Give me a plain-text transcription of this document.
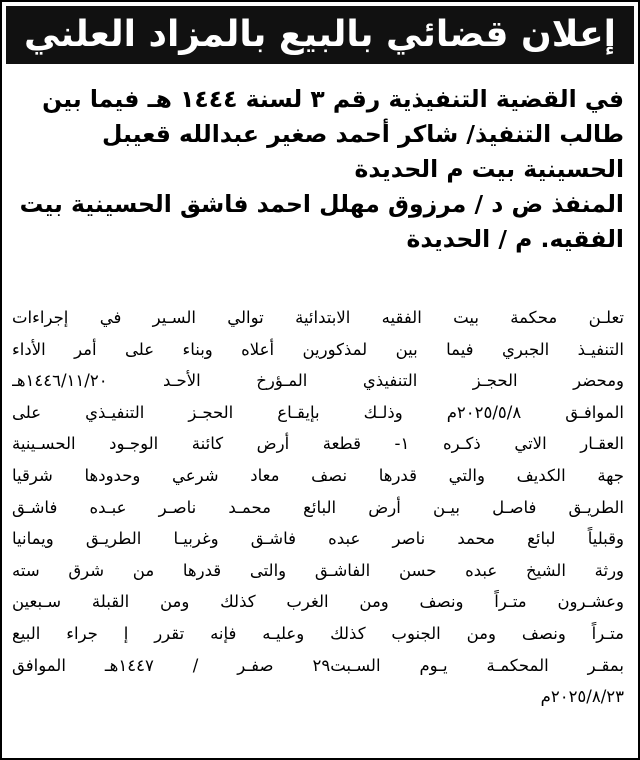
إعلان قضائي بالبيع بالمزاد العلني
في القضية التنفيذية رقم ٣ لسنة ١٤٤٤ هـ فيما بين
طالب التنفيذ/ شاكر أحمد صغير عبدالله قعيبل
الحسينية بيت م الحديدة
المنفذ ض د / مرزوق مهلل احمد فاشق الحسينية بيت
الفقيه. م / الحديدة
تعلـن محكمة بيت الفقيه الابتدائية توالي السـير في إجراءات
التنفيـذ الجبري فيما بين لمذكورين أعلاه وبناء على أمر الأداء
ومحضر الحجـز التنفيذي المـؤرخ الأحـد ١٤٤٦/١١/٢٠هـ
الموافـق ٢٠٢٥/٥/٨م وذلـك بإيقـاع الحجـز التنفيـذي على
العقـار الاتي ذكـره ١- قطعة أرض كائنة الوجـود الحسـينية
جهة الكديف والتي قدرها نصف معاد شرعي وحدودها شرقيا
الطريـق فاصـل بيـن أرض البائع محمـد ناصـر عبـده فاشـق
وقبلياً لبائع محمد ناصر عبده فاشـق وغربيـا الطريـق ويمانيا
ورثة الشيخ عبده حسن الفاشـق والتى قدرها من شرق سته
وعشـرون متـراً ونصف ومن الغرب كذلك ومن القبلة سـبعين
متـراً ونصف ومن الجنوب كذلك وعليـه فإنه تقرر إ جراء البيع
بمقـر المحكمـة يـوم السـبت٢٩ صفـر / ١٤٤٧هـ الموافق
٢٠٢٥/٨/٢٣م
